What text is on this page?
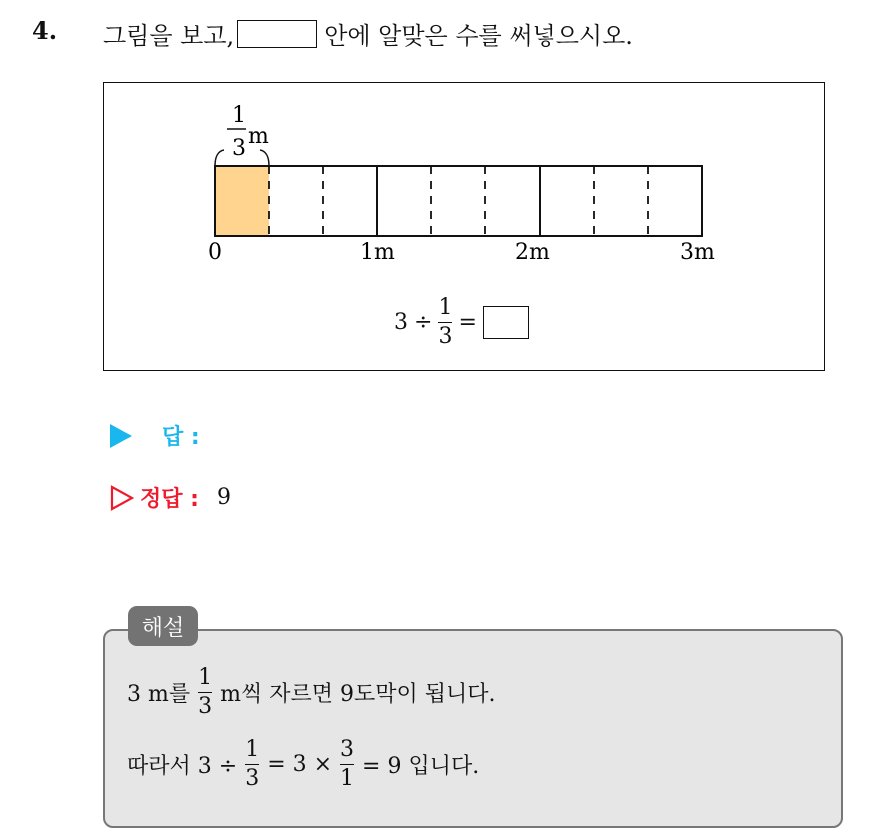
4. 그림을 보고,	안에 알맞은 수를 써넣으시오.
1
3 m
0	1m	2m	3m
$3 \div \frac{1}{3}$ =
답 :
정답 : 9
3 m를 $\frac{1}{3}$ m씩 자르면 9도막이 됩니다.
따라서 $3 \div \frac{1}{3} = 3 \times \frac{3}{1} = 9$ 입니다.
해설
